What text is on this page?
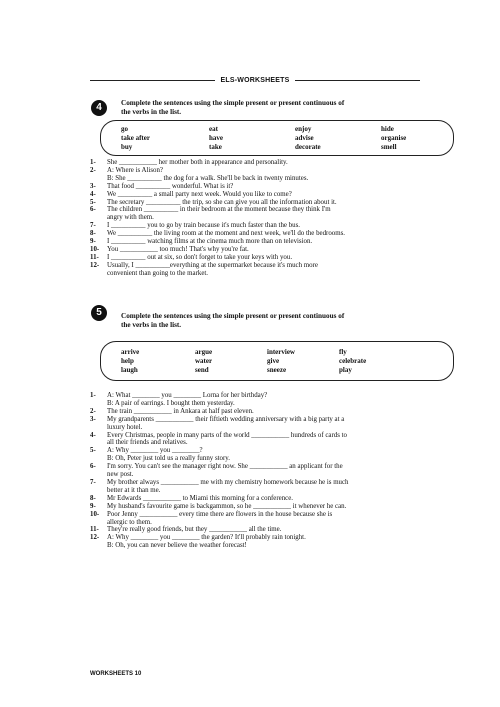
ELS-WORKSHEETS
4	Complete the sentences using the simple present or present continuous of
the verbs in the list.
go	eat	enjoy	hide
take after	have	advise	organise
buy	take	decorate	smell
1-	She ___________ her mother both in appearance and personality.
2-	A: Where is Alison?
B: She __________ the dog for a walk. She'll be back in twenty minutes.
3-	That food __________ wonderful. What is it?
4-	We __________ a small party next week. Would you like to come?
5-	The secretary __________ the trip, so she can give you all the information about it.
6-	The children __________ in their bedroom at the moment because they think I'm
angry with them.
7-	I __________ you to go by train because it's much faster than the bus.
8-	We __________ the living room at the moment and next week, we'll do the bedrooms.
9-	I __________ watching films at the cinema much more than on television.
10-	You ___________ too much! That's why you're fat.
11-	I __________ out at six, so don't forget to take your keys with you.
12-	Usually, I __________everything at the supermarket because it's much more
convenient than going to the market.
5	Complete the sentences using the simple present or present continuous of
the verbs in the list.
arrive	argue	interview	fly
help	water	give	celebrate
laugh	send	sneeze	play
1-	A: What ________ you ________ Lorna for her birthday?
B: A pair of earrings. I bought them yesterday.
2-	The train ___________ in Ankara at half past eleven.
3-	My grandparents ___________ their fiftieth wedding anniversary with a big party at a
luxury hotel.
4-	Every Christmas, people in many parts of the world ___________ hundreds of cards to
all their friends and relatives.
5-	A: Why ________ you ________?
B: Oh, Peter just told us a really funny story.
6-	I'm sorry. You can't see the manager right now. She ___________ an applicant for the
new post.
7-	My brother always ___________ me with my chemistry homework because he is much
better at it than me.
8-	Mr Edwards ___________ to Miami this morning for a conference.
9-	My husband's favourite game is backgammon, so he ___________ it whenever he can.
10-	Poor Jenny ___________ every time there are flowers in the house because she is
allergic to them.
11-	They're really good friends, but they ___________ all the time.
12-	A: Why ________ you ________ the garden? It'll probably rain tonight.
B: Oh, you can never believe the weather forecast!
WORKSHEETS 10
